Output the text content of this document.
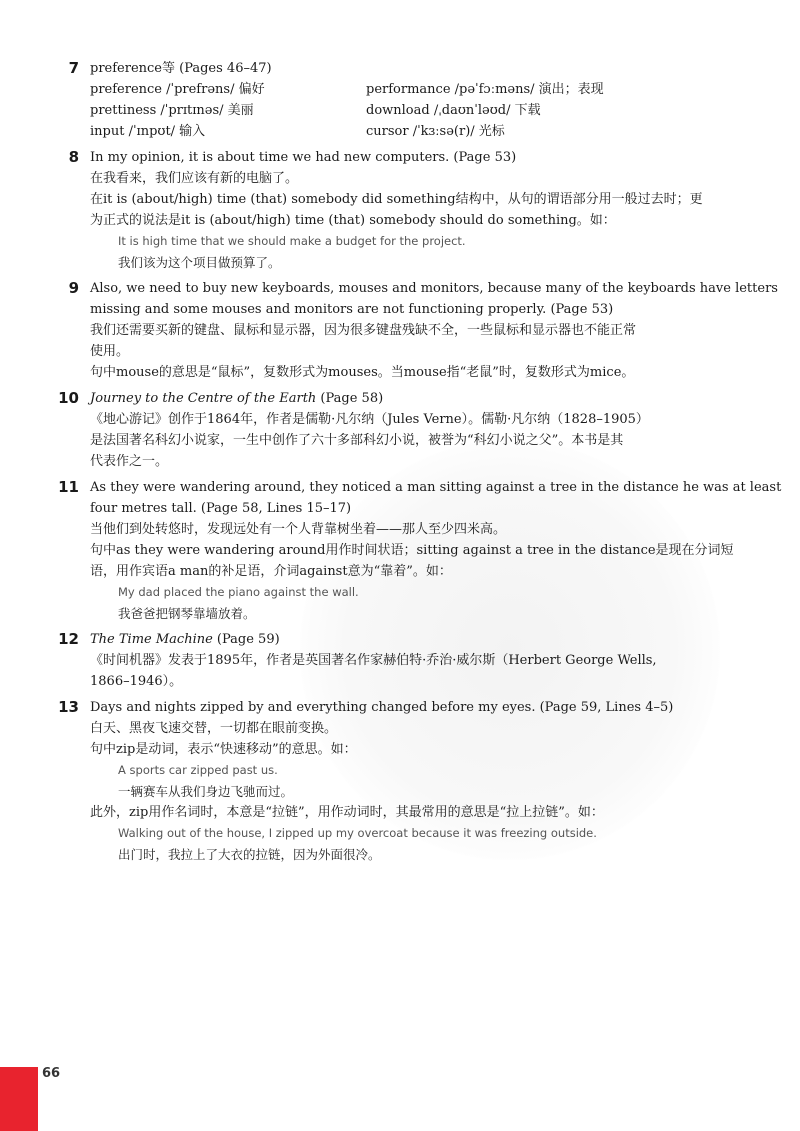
7 preference等 (Pages 46–47)
preference /ˈprefrəns/ 偏好	performance /pəˈfɔːməns/ 演出；表现
prettiness /ˈprɪtɪnəs/ 美丽	download /ˌdaʊnˈləʊd/ 下载
input /ˈɪnpʊt/ 输入	cursor /ˈkɜːsə(r)/ 光标
8 In my opinion, it is about time we had new computers. (Page 53)
在我看来，我们应该有新的电脑了。
在it is (about/high) time (that) somebody did something结构中，从句的谓语部分用一般过去时；更
为正式的说法是it is (about/high) time (that) somebody should do something。如：
It is high time that we should make a budget for the project.
我们该为这个项目做预算了。
9 Also, we need to buy new keyboards, mouses and monitors, because many of the keyboards have letters
missing and some mouses and monitors are not functioning properly. (Page 53)
我们还需要买新的键盘、鼠标和显示器，因为很多键盘残缺不全，一些鼠标和显示器也不能正常
使用。
句中mouse的意思是“鼠标”，复数形式为mouses。当mouse指“老鼠”时，复数形式为mice。
10 Journey to the Centre of the Earth (Page 58)
《地心游记》创作于1864年，作者是儒勒·凡尔纳（Jules Verne）。儒勒·凡尔纳（1828–1905）
是法国著名科幻小说家，一生中创作了六十多部科幻小说，被誉为“科幻小说之父”。本书是其
代表作之一。
11 As they were wandering around, they noticed a man sitting against a tree in the distance he was at least
four metres tall. (Page 58, Lines 15–17)
当他们到处转悠时，发现远处有一个人背靠树坐着——那人至少四米高。
句中as they were wandering around用作时间状语；sitting against a tree in the distance是现在分词短
语，用作宾语a man的补足语，介词against意为“靠着”。如：
My dad placed the piano against the wall.
我爸爸把钢琴靠墙放着。
12 The Time Machine (Page 59)
《时间机器》发表于1895年，作者是英国著名作家赫伯特·乔治·威尔斯（Herbert George Wells,
1866–1946）。
13 Days and nights zipped by and everything changed before my eyes. (Page 59, Lines 4–5)
白天、黑夜飞速交替，一切都在眼前变换。
句中zip是动词，表示“快速移动”的意思。如：
A sports car zipped past us.
一辆赛车从我们身边飞驰而过。
此外，zip用作名词时，本意是“拉链”，用作动词时，其最常用的意思是“拉上拉链”。如：
Walking out of the house, I zipped up my overcoat because it was freezing outside.
出门时，我拉上了大衣的拉链，因为外面很冷。
66
